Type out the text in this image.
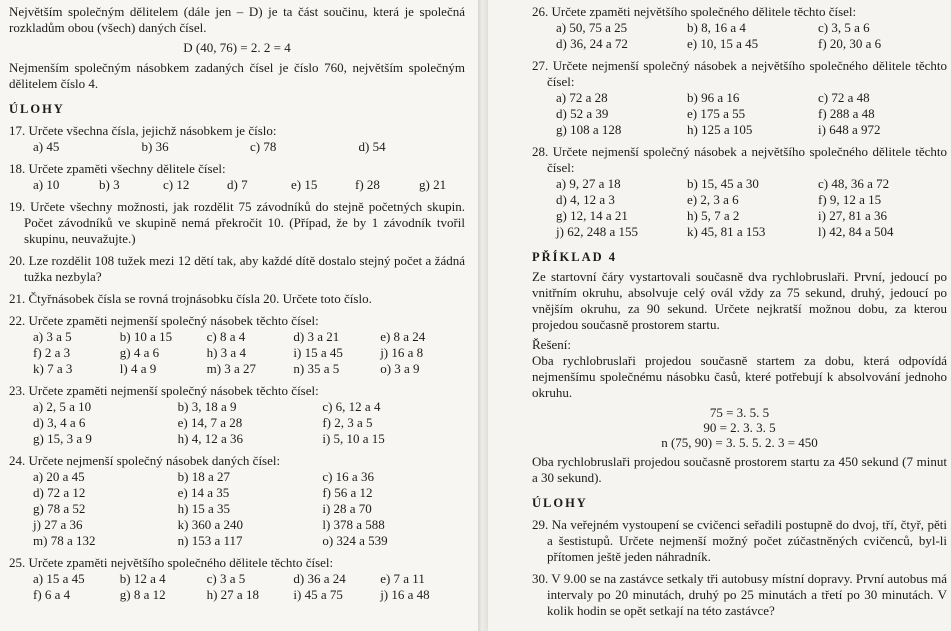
Největším společným dělitelem (dále jen – D) je ta část součinu, která je společná rozkladům obou (všech) daných čísel.

D (40, 76) = 2. 2 = 4

Nejmenším společným násobkem zadaných čísel je číslo 760, největším společným dělitelem číslo 4.

ÚLOHY

17. Určete všechna čísla, jejichž násobkem je číslo:

a) 45	b) 36	c) 78	d) 54

18. Určete zpaměti všechny dělitele čísel:

a) 10	b) 3	c) 12	d) 7	e) 15	f) 28	g) 21

19. Určete všechny možnosti, jak rozdělit 75 závodníků do stejně početných skupin. Počet závodníků ve skupině nemá překročit 10. (Případ, že by 1 závodník tvořil skupinu, neuvažujte.)

20. Lze rozdělit 108 tužek mezi 12 dětí tak, aby každé dítě dostalo stejný počet a žádná tužka nezbyla?

21. Čtyřnásobek čísla se rovná trojnásobku čísla 20. Určete toto číslo.

22. Určete zpaměti nejmenší společný násobek těchto čísel:

a) 3 a 5	b) 10 a 15	c) 8 a 4	d) 3 a 21	e) 8 a 24
f) 2 a 3	g) 4 a 6	h) 3 a 4	i) 15 a 45	j) 16 a 8
k) 7 a 3	l) 4 a 9	m) 3 a 27	n) 35 a 5	o) 3 a 9

23. Určete zpaměti nejmenší společný násobek těchto čísel:

a) 2, 5 a 10	b) 3, 18 a 9	c) 6, 12 a 4
d) 3, 4 a 6	e) 14, 7 a 28	f) 2, 3 a 5
g) 15, 3 a 9	h) 4, 12 a 36	i) 5, 10 a 15

24. Určete nejmenší společný násobek daných čísel:

a) 20 a 45	b) 18 a 27	c) 16 a 36
d) 72 a 12	e) 14 a 35	f) 56 a 12
g) 78 a 52	h) 15 a 35	i) 28 a 70
j) 27 a 36	k) 360 a 240	l) 378 a 588
m) 78 a 132	n) 153 a 117	o) 324 a 539

25. Určete zpaměti největšího společného dělitele těchto čísel:

a) 15 a 45	b) 12 a 4	c) 3 a 5	d) 36 a 24	e) 7 a 11
f) 6 a 4	g) 8 a 12	h) 27 a 18	i) 45 a 75	j) 16 a 48

26. Určete zpaměti největšího společného dělitele těchto čísel:

a) 50, 75 a 25	b) 8, 16 a 4	c) 3, 5 a 6
d) 36, 24 a 72	e) 10, 15 a 45	f) 20, 30 a 6

27. Určete nejmenší společný násobek a největšího společného dělitele těchto čísel:

a) 72 a 28	b) 96 a 16	c) 72 a 48
d) 52 a 39	e) 175 a 55	f) 288 a 48
g) 108 a 128	h) 125 a 105	i) 648 a 972

28. Určete nejmenší společný násobek a největšího společného dělitele těchto čísel:

a) 9, 27 a 18	b) 15, 45 a 30	c) 48, 36 a 72
d) 4, 12 a 3	e) 2, 3 a 6	f) 9, 12 a 15
g) 12, 14 a 21	h) 5, 7 a 2	i) 27, 81 a 36
j) 62, 248 a 155	k) 45, 81 a 153	l) 42, 84 a 504

PŘÍKLAD 4

Ze startovní čáry vystartovali současně dva rychlobruslaři. První, jedoucí po vnitřním okruhu, absolvuje celý ovál vždy za 75 sekund, druhý, jedoucí po vnějším okruhu, za 90 sekund. Určete nejkratší možnou dobu, za kterou projedou současně prostorem startu.

Řešení:

Oba rychlobruslaři projedou současně startem za dobu, která odpovídá nejmenšímu společnému násobku časů, které potřebují k absolvování jednoho okruhu.

75 = 3. 5. 5
90 = 2. 3. 3. 5
n (75, 90) = 3. 5. 5. 2. 3 = 450

Oba rychlobruslaři projedou současně prostorem startu za 450 sekund (7 minut a 30 sekund).

ÚLOHY

29. Na veřejném vystoupení se cvičenci seřadili postupně do dvoj, tří, čtyř, pěti a šestistupů. Určete nejmenší možný počet zúčastněných cvičenců, byl-li přítomen ještě jeden náhradník.

30. V 9.00 se na zastávce setkaly tři autobusy místní dopravy. První autobus má intervaly po 20 minutách, druhý po 25 minutách a třetí po 30 minutách. V kolik hodin se opět setkají na této zastávce?
